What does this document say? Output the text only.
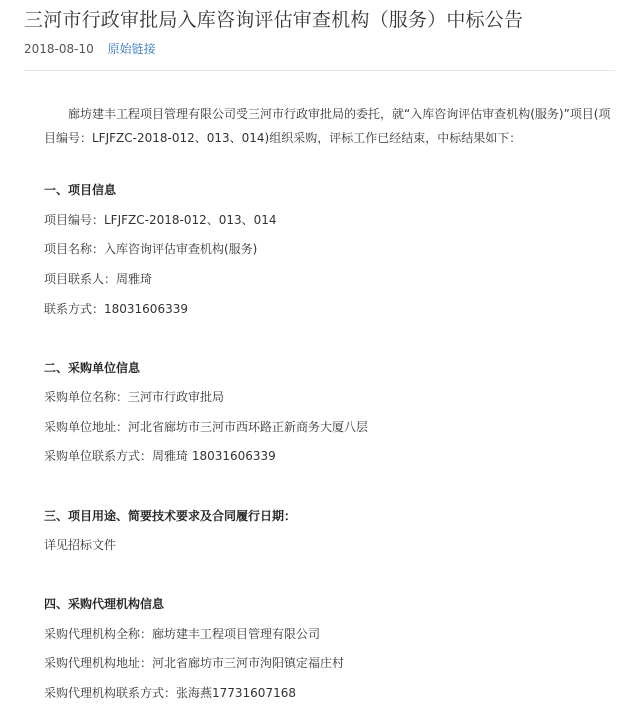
三河市行政审批局入库咨询评估审查机构（服务）中标公告
2018-08-10 原始链接
廊坊建丰工程项目管理有限公司受三河市行政审批局的委托，就“入库咨询评估审查机构(服务)”项目(项目编号：LFJFZC-2018-012、013、014)组织采购，评标工作已经结束，中标结果如下：
一、项目信息
项目编号：LFJFZC-2018-012、013、014
项目名称：入库咨询评估审查机构(服务)
项目联系人：周雅琦
联系方式：18031606339
二、采购单位信息
采购单位名称：三河市行政审批局
采购单位地址：河北省廊坊市三河市西环路正新商务大厦八层
采购单位联系方式：周雅琦 18031606339
三、项目用途、简要技术要求及合同履行日期：
详见招标文件
四、采购代理机构信息
采购代理机构全称：廊坊建丰工程项目管理有限公司
采购代理机构地址：河北省廊坊市三河市泃阳镇定福庄村
采购代理机构联系方式：张海燕17731607168
